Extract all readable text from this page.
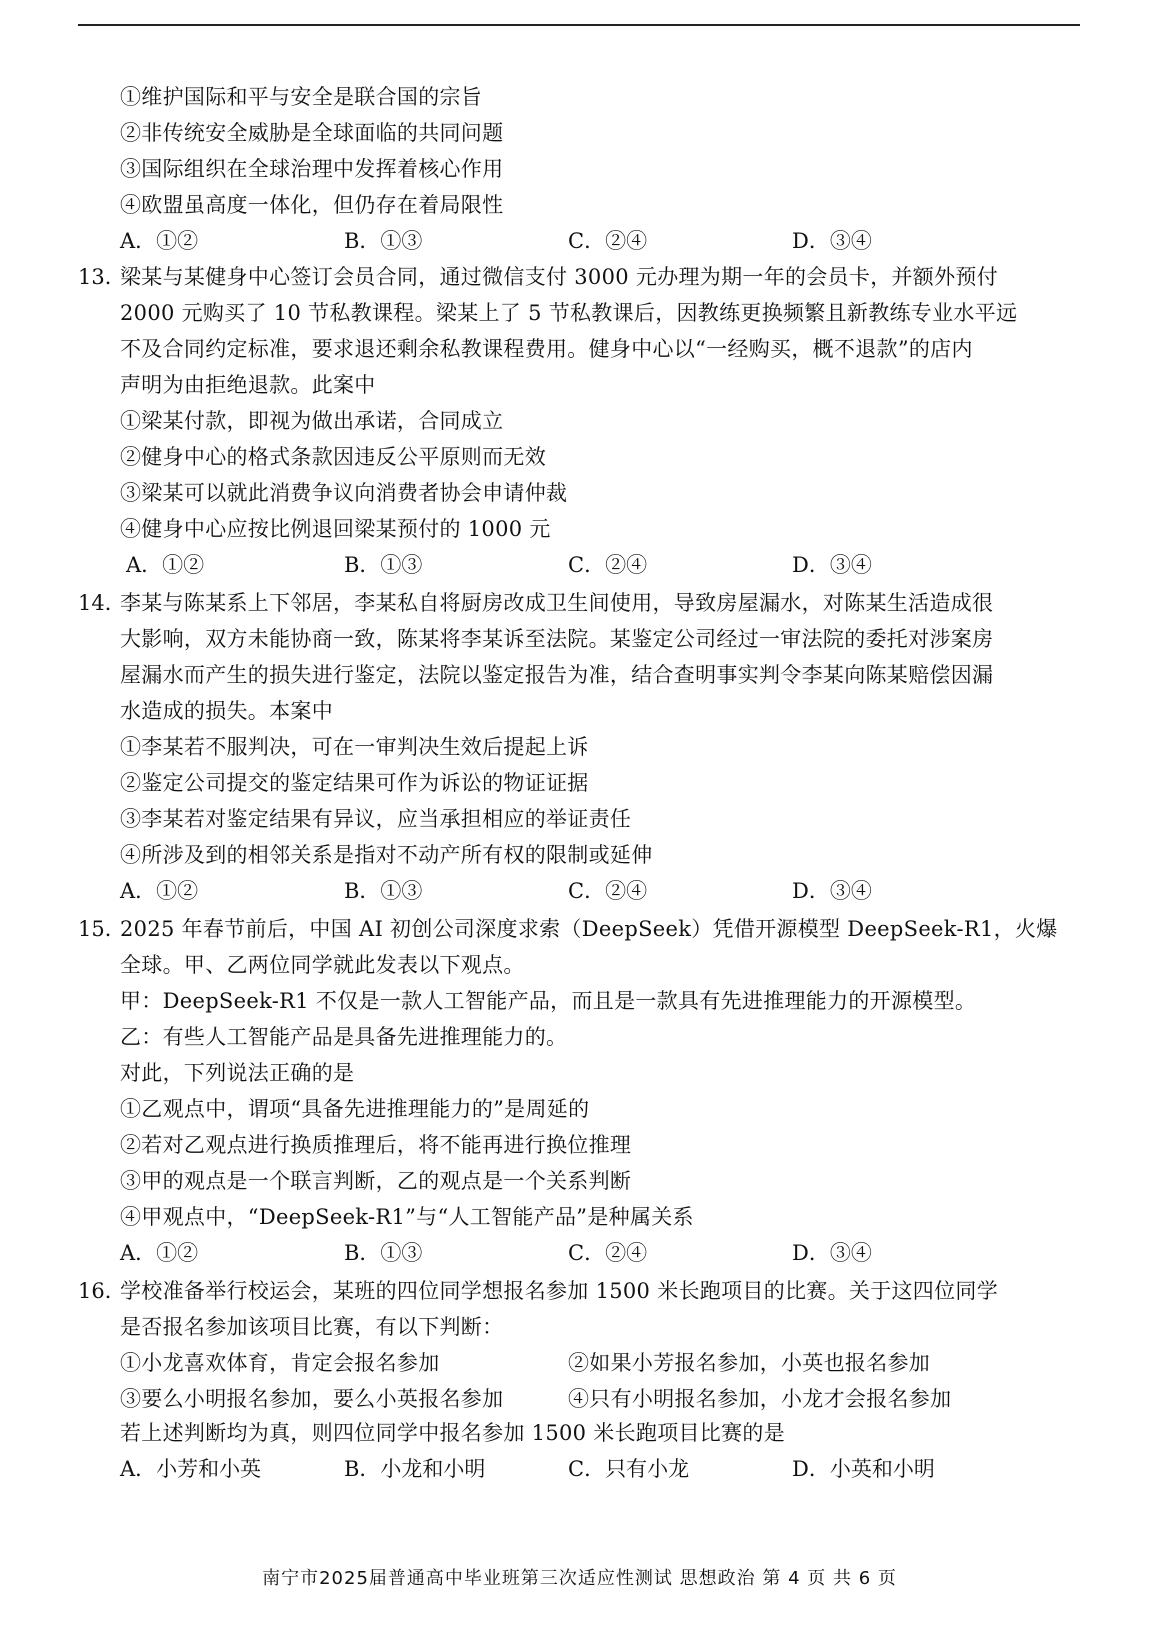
①维护国际和平与安全是联合国的宗旨
②非传统安全威胁是全球面临的共同问题
③国际组织在全球治理中发挥着核心作用
④欧盟虽高度一体化，但仍存在着局限性
A．①②	B．①③	C．②④	D．③④
13．
梁某与某健身中心签订会员合同，通过微信支付 3000 元办理为期一年的会员卡，并额外预付
2000 元购买了 10 节私教课程。梁某上了 5 节私教课后，因教练更换频繁且新教练专业水平远
不及合同约定标准，要求退还剩余私教课程费用。健身中心以“一经购买，概不退款”的店内
声明为由拒绝退款。此案中
①梁某付款，即视为做出承诺，合同成立
②健身中心的格式条款因违反公平原则而无效
③梁某可以就此消费争议向消费者协会申请仲裁
④健身中心应按比例退回梁某预付的 1000 元
A．①②	B．①③	C．②④	D．③④
14．
李某与陈某系上下邻居，李某私自将厨房改成卫生间使用，导致房屋漏水，对陈某生活造成很
大影响，双方未能协商一致，陈某将李某诉至法院。某鉴定公司经过一审法院的委托对涉案房
屋漏水而产生的损失进行鉴定，法院以鉴定报告为准，结合查明事实判令李某向陈某赔偿因漏
水造成的损失。本案中
①李某若不服判决，可在一审判决生效后提起上诉
②鉴定公司提交的鉴定结果可作为诉讼的物证证据
③李某若对鉴定结果有异议，应当承担相应的举证责任
④所涉及到的相邻关系是指对不动产所有权的限制或延伸
A．①②	B．①③	C．②④	D．③④
15．
2025 年春节前后，中国 AI 初创公司深度求索（DeepSeek）凭借开源模型 DeepSeek-R1，火爆
全球。甲、乙两位同学就此发表以下观点。
甲：DeepSeek-R1 不仅是一款人工智能产品，而且是一款具有先进推理能力的开源模型。
乙：有些人工智能产品是具备先进推理能力的。
对此，下列说法正确的是
①乙观点中，谓项“具备先进推理能力的”是周延的
②若对乙观点进行换质推理后，将不能再进行换位推理
③甲的观点是一个联言判断，乙的观点是一个关系判断
④甲观点中，“DeepSeek-R1”与“人工智能产品”是种属关系
A．①②	B．①③	C．②④	D．③④
16．
学校准备举行校运会，某班的四位同学想报名参加 1500 米长跑项目的比赛。关于这四位同学
是否报名参加该项目比赛，有以下判断：
①小龙喜欢体育，肯定会报名参加	②如果小芳报名参加，小英也报名参加
③要么小明报名参加，要么小英报名参加	④只有小明报名参加，小龙才会报名参加
若上述判断均为真，则四位同学中报名参加 1500 米长跑项目比赛的是
A．小芳和小英	B．小龙和小明	C．只有小龙	D．小英和小明
南宁市2025届普通高中毕业班第三次适应性测试 思想政治 第 4 页 共 6 页
